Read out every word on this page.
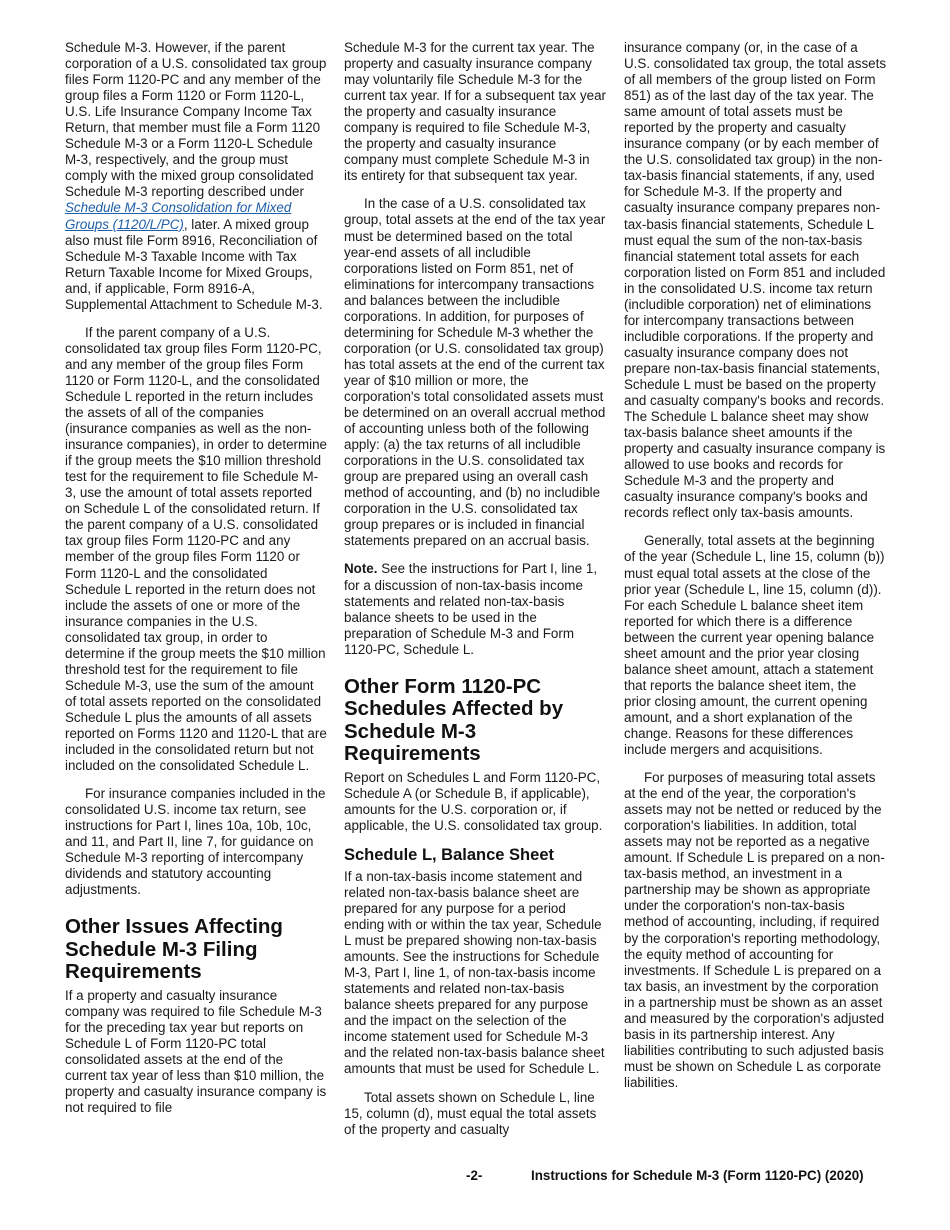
Schedule M-3. However, if the parent corporation of a U.S. consolidated tax group files Form 1120-PC and any member of the group files a Form 1120 or Form 1120-L, U.S. Life Insurance Company Income Tax Return, that member must file a Form 1120 Schedule M-3 or a Form 1120-L Schedule M-3, respectively, and the group must comply with the mixed group consolidated Schedule M-3 reporting described under Schedule M-3 Consolidation for Mixed Groups (1120/L/PC), later. A mixed group also must file Form 8916, Reconciliation of Schedule M-3 Taxable Income with Tax Return Taxable Income for Mixed Groups, and, if applicable, Form 8916-A, Supplemental Attachment to Schedule M-3.

If the parent company of a U.S. consolidated tax group files Form 1120-PC, and any member of the group files Form 1120 or Form 1120-L, and the consolidated Schedule L reported in the return includes the assets of all of the companies (insurance companies as well as the non-insurance companies), in order to determine if the group meets the $10 million threshold test for the requirement to file Schedule M-3, use the amount of total assets reported on Schedule L of the consolidated return. If the parent company of a U.S. consolidated tax group files Form 1120-PC and any member of the group files Form 1120 or Form 1120-L and the consolidated Schedule L reported in the return does not include the assets of one or more of the insurance companies in the U.S. consolidated tax group, in order to determine if the group meets the $10 million threshold test for the requirement to file Schedule M-3, use the sum of the amount of total assets reported on the consolidated Schedule L plus the amounts of all assets reported on Forms 1120 and 1120-L that are included in the consolidated return but not included on the consolidated Schedule L.

For insurance companies included in the consolidated U.S. income tax return, see instructions for Part I, lines 10a, 10b, 10c, and 11, and Part II, line 7, for guidance on Schedule M-3 reporting of intercompany dividends and statutory accounting adjustments.

Other Issues Affecting Schedule M-3 Filing Requirements

If a property and casualty insurance company was required to file Schedule M-3 for the preceding tax year but reports on Schedule L of Form 1120-PC total consolidated assets at the end of the current tax year of less than $10 million, the property and casualty insurance company is not required to file

Schedule M-3 for the current tax year. The property and casualty insurance company may voluntarily file Schedule M-3 for the current tax year. If for a subsequent tax year the property and casualty insurance company is required to file Schedule M-3, the property and casualty insurance company must complete Schedule M-3 in its entirety for that subsequent tax year.

In the case of a U.S. consolidated tax group, total assets at the end of the tax year must be determined based on the total year-end assets of all includible corporations listed on Form 851, net of eliminations for intercompany transactions and balances between the includible corporations. In addition, for purposes of determining for Schedule M-3 whether the corporation (or U.S. consolidated tax group) has total assets at the end of the current tax year of $10 million or more, the corporation's total consolidated assets must be determined on an overall accrual method of accounting unless both of the following apply: (a) the tax returns of all includible corporations in the U.S. consolidated tax group are prepared using an overall cash method of accounting, and (b) no includible corporation in the U.S. consolidated tax group prepares or is included in financial statements prepared on an accrual basis.

Note. See the instructions for Part I, line 1, for a discussion of non-tax-basis income statements and related non-tax-basis balance sheets to be used in the preparation of Schedule M-3 and Form 1120-PC, Schedule L.

Other Form 1120-PC Schedules Affected by Schedule M-3 Requirements

Report on Schedules L and Form 1120-PC, Schedule A (or Schedule B, if applicable), amounts for the U.S. corporation or, if applicable, the U.S. consolidated tax group.

Schedule L, Balance Sheet

If a non-tax-basis income statement and related non-tax-basis balance sheet are prepared for any purpose for a period ending with or within the tax year, Schedule L must be prepared showing non-tax-basis amounts. See the instructions for Schedule M-3, Part I, line 1, of non-tax-basis income statements and related non-tax-basis balance sheets prepared for any purpose and the impact on the selection of the income statement used for Schedule M-3 and the related non-tax-basis balance sheet amounts that must be used for Schedule L.

Total assets shown on Schedule L, line 15, column (d), must equal the total assets of the property and casualty

insurance company (or, in the case of a U.S. consolidated tax group, the total assets of all members of the group listed on Form 851) as of the last day of the tax year. The same amount of total assets must be reported by the property and casualty insurance company (or by each member of the U.S. consolidated tax group) in the non-tax-basis financial statements, if any, used for Schedule M-3. If the property and casualty insurance company prepares non-tax-basis financial statements, Schedule L must equal the sum of the non-tax-basis financial statement total assets for each corporation listed on Form 851 and included in the consolidated U.S. income tax return (includible corporation) net of eliminations for intercompany transactions between includible corporations. If the property and casualty insurance company does not prepare non-tax-basis financial statements, Schedule L must be based on the property and casualty company's books and records. The Schedule L balance sheet may show tax-basis balance sheet amounts if the property and casualty insurance company is allowed to use books and records for Schedule M-3 and the property and casualty insurance company's books and records reflect only tax-basis amounts.

Generally, total assets at the beginning of the year (Schedule L, line 15, column (b)) must equal total assets at the close of the prior year (Schedule L, line 15, column (d)). For each Schedule L balance sheet item reported for which there is a difference between the current year opening balance sheet amount and the prior year closing balance sheet amount, attach a statement that reports the balance sheet item, the prior closing amount, the current opening amount, and a short explanation of the change. Reasons for these differences include mergers and acquisitions.

For purposes of measuring total assets at the end of the year, the corporation's assets may not be netted or reduced by the corporation's liabilities. In addition, total assets may not be reported as a negative amount. If Schedule L is prepared on a non-tax-basis method, an investment in a partnership may be shown as appropriate under the corporation's non-tax-basis method of accounting, including, if required by the corporation's reporting methodology, the equity method of accounting for investments. If Schedule L is prepared on a tax basis, an investment by the corporation in a partnership must be shown as an asset and measured by the corporation's adjusted basis in its partnership interest. Any liabilities contributing to such adjusted basis must be shown on Schedule L as corporate liabilities.

-2-	Instructions for Schedule M-3 (Form 1120-PC) (2020)
